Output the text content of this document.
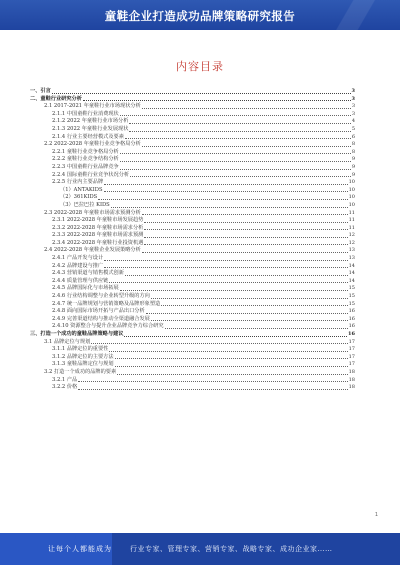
童鞋企业打造成功品牌策略研究报告
内容目录
一、引言	3
二、童鞋行业研究分析	3
2.1 2017-2021 年童鞋行业市场现状分析	3
2.1.1 中国童鞋行业消费现状	3
2.1.2 2022 年童鞋行业市场分析	4
2.1.3 2022 年童鞋行业发展现状	5
2.1.4 行业主要经营模式及要素	6
2.2 2022-2028 年童鞋行业竞争格局分析	8
2.2.1 童鞋行业竞争格局分析	8
2.2.2 童鞋行业竞争结构分析	9
2.2.3 中国童鞋行业品牌竞争	9
2.2.4 国际童鞋行业竞争状况分析	9
2.2.5 行业内主要品牌	10
（1）ANTAKIDS	10
（2）361KIDS	10
（3）巴拉巴拉 KIDS	10
2.3 2022-2028 年童鞋市场需求预测分析	11
2.3.1 2022-2028 年童鞋市场发展趋势	11
2.3.2 2022-2028 年童鞋市场需求分析	11
2.3.3 2022-2028 年童鞋市场需求预测	12
2.3.4 2022-2028 年童鞋行业投资机遇	12
2.4 2022-2028 年童鞋企业发展策略分析	13
2.4.1 产品开发与设计	13
2.4.2 品牌建设与推广	14
2.4.3 营销渠道与销售模式创新	14
2.4.4 质量管理与供应链	14
2.4.5 品牌国际化与市场拓展	15
2.4.6 行业结构调整与企业转型升级的方向	15
2.4.7 统一品牌规划与营销策略及品牌形象塑造	15
2.4.8 面向国际市场开拓与产品出口分析	16
2.4.9 完善渠道结构与推动全渠道融合发展	16
2.4.10 资源整合与提升企业品牌竞争力综合研究	16
三、打造一个成功的童鞋品牌策略与建议	16
3.1 品牌定位与规划	17
3.1.1 品牌定位的重要性	17
3.1.2 品牌定位的主要方法	17
3.1.3 童鞋品牌定位与规划	17
3.2 打造一个成功的品牌的要素	18
3.2.1 产品	18
3.2.2 价格	18
1
让每个人都能成为	行业专家、管理专家、营销专家、战略专家、成功企业家……
